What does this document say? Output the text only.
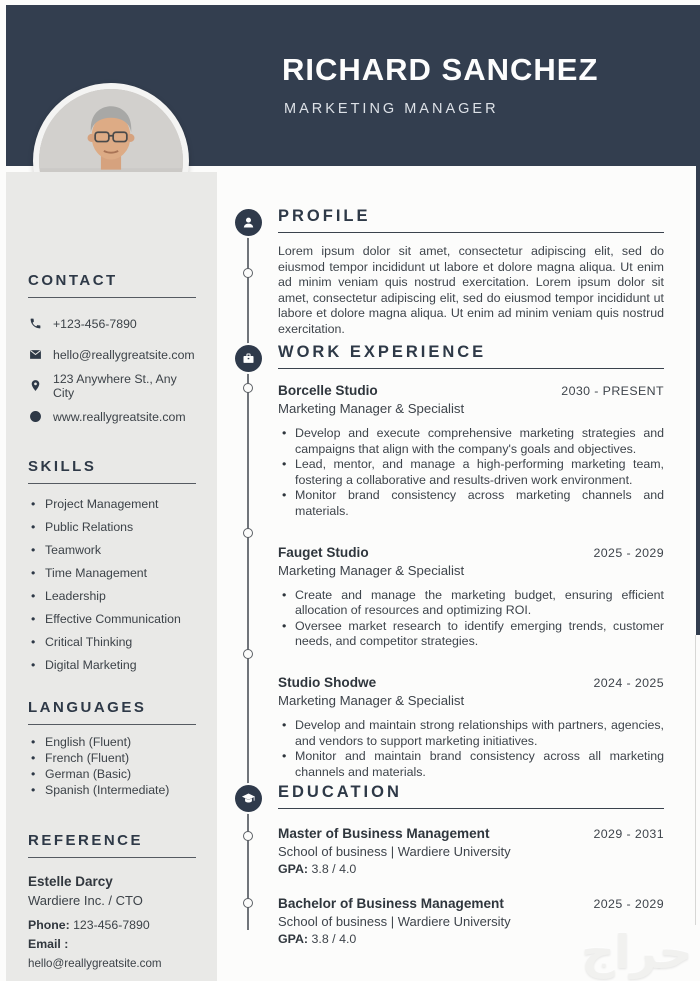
RICHARD SANCHEZ
MARKETING MANAGER
CONTACT
+123-456-7890
hello@reallygreatsite.com
123 Anywhere St., Any City
www.reallygreatsite.com
SKILLS
• Project Management
• Public Relations
• Teamwork
• Time Management
• Leadership
• Effective Communication
• Critical Thinking
• Digital Marketing
LANGUAGES
• English (Fluent)
• French (Fluent)
• German (Basic)
• Spanish (Intermediate)
REFERENCE
Estelle Darcy
Wardiere Inc. / CTO
Phone: 123-456-7890
Email : hello@reallygreatsite.com
PROFILE
Lorem ipsum dolor sit amet, consectetur adipiscing elit, sed do eiusmod tempor incididunt ut labore et dolore magna aliqua. Ut enim ad minim veniam quis nostrud exercitation. Lorem ipsum dolor sit amet, consectetur adipiscing elit, sed do eiusmod tempor incididunt ut labore et dolore magna aliqua. Ut enim ad minim veniam quis nostrud exercitation.
WORK EXPERIENCE
Borcelle Studio	2030 - PRESENT
Marketing Manager & Specialist
• Develop and execute comprehensive marketing strategies and campaigns that align with the company's goals and objectives.
• Lead, mentor, and manage a high-performing marketing team, fostering a collaborative and results-driven work environment.
• Monitor brand consistency across marketing channels and materials.
Fauget Studio	2025 - 2029
Marketing Manager & Specialist
• Create and manage the marketing budget, ensuring efficient allocation of resources and optimizing ROI.
• Oversee market research to identify emerging trends, customer needs, and competitor strategies.
Studio Shodwe	2024 - 2025
Marketing Manager & Specialist
• Develop and maintain strong relationships with partners, agencies, and vendors to support marketing initiatives.
• Monitor and maintain brand consistency across all marketing channels and materials.
EDUCATION
Master of Business Management	2029 - 2031
School of business | Wardiere University
GPA: 3.8 / 4.0
Bachelor of Business Management	2025 - 2029
School of business | Wardiere University
GPA: 3.8 / 4.0	حراج
